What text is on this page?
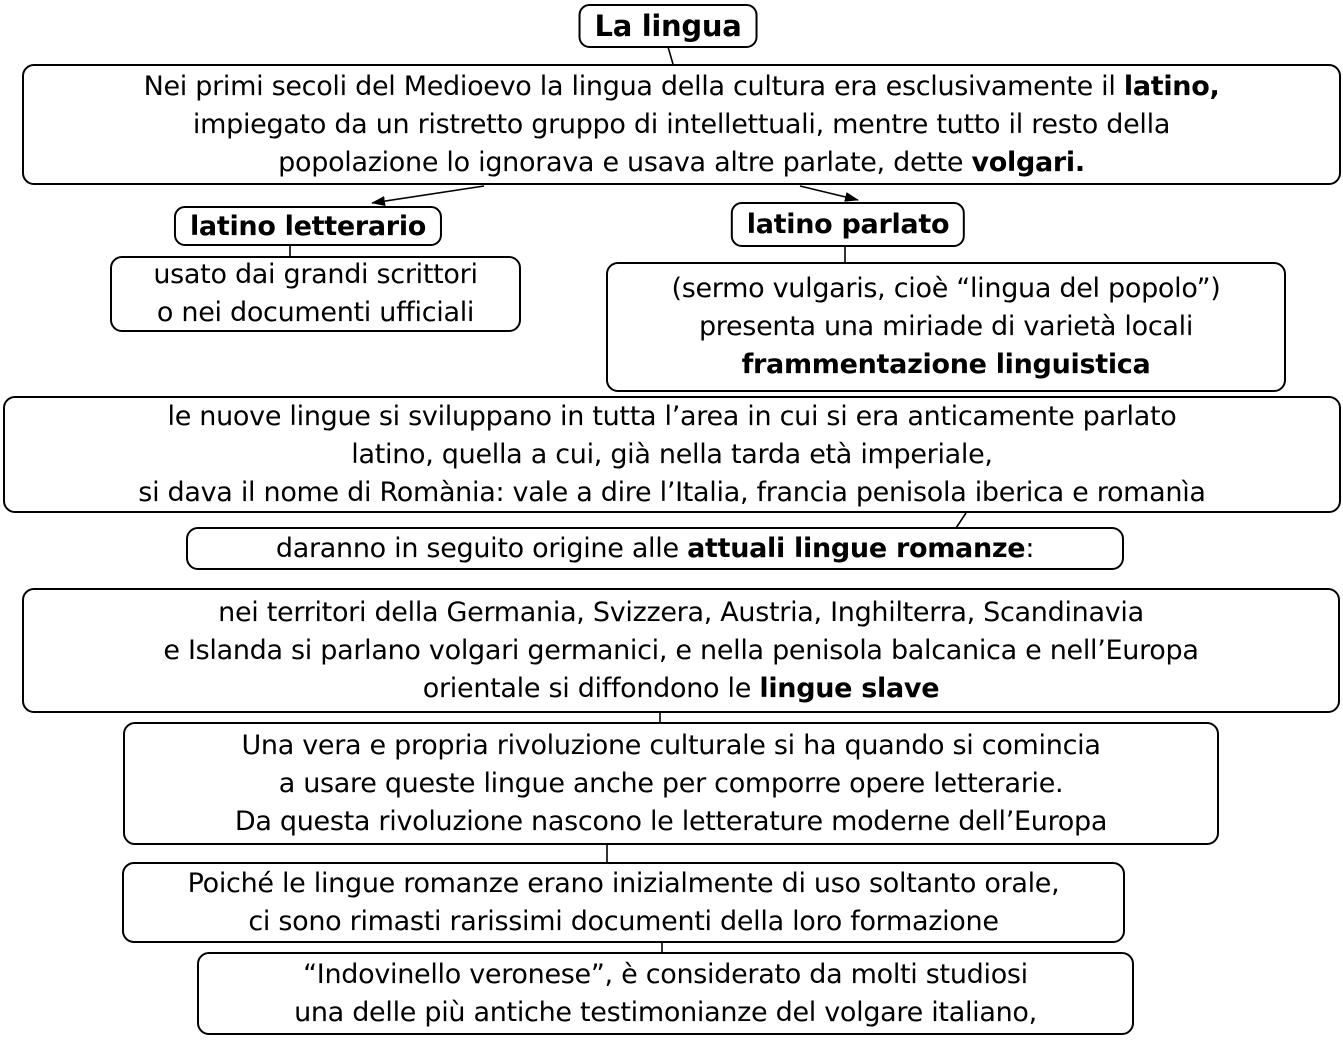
La lingua
Nei primi secoli del Medioevo la lingua della cultura era esclusivamente il latino,
impiegato da un ristretto gruppo di intellettuali, mentre tutto il resto della
popolazione lo ignorava e usava altre parlate, dette volgari.
latino letterario
usato dai grandi scrittori
o nei documenti ufficiali
latino parlato
(sermo vulgaris, cioè “lingua del popolo”)
presenta una miriade di varietà locali
frammentazione linguistica
le nuove lingue si sviluppano in tutta l’area in cui si era anticamente parlato
latino, quella a cui, già nella tarda età imperiale,
si dava il nome di Romània: vale a dire l’Italia, francia penisola iberica e romanìa
daranno in seguito origine alle attuali lingue romanze:
nei territori della Germania, Svizzera, Austria, Inghilterra, Scandinavia
e Islanda si parlano volgari germanici, e nella penisola balcanica e nell’Europa
orientale si diffondono le lingue slave
Una vera e propria rivoluzione culturale si ha quando si comincia
a usare queste lingue anche per comporre opere letterarie.
Da questa rivoluzione nascono le letterature moderne dell’Europa
Poiché le lingue romanze erano inizialmente di uso soltanto orale,
ci sono rimasti rarissimi documenti della loro formazione
“Indovinello veronese”, è considerato da molti studiosi
una delle più antiche testimonianze del volgare italiano,
